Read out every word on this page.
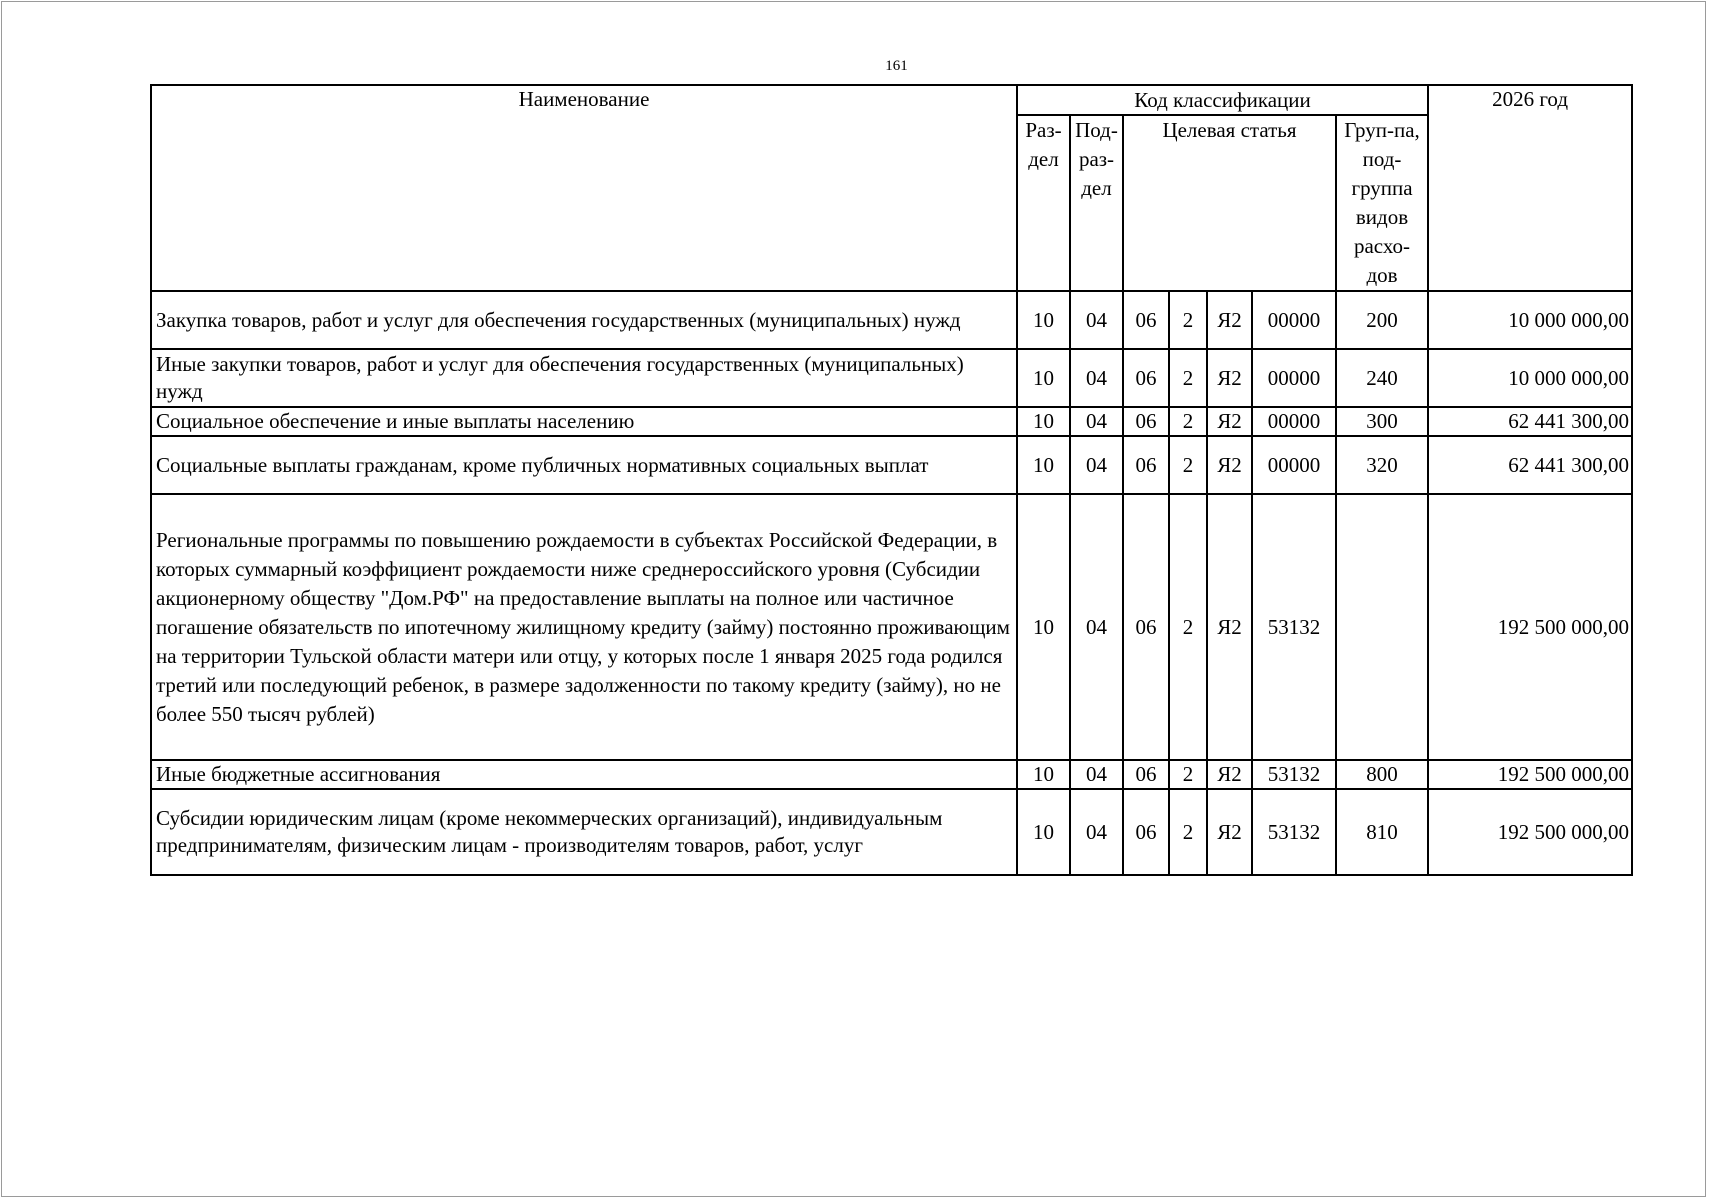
161
Наименование	Код классификации							2026 год
	Раз-дел	Под-раз-дел	Целевая статья				Груп-па, под-группа видов расхо-дов	
Закупка товаров, работ и услуг для обеспечения государственных (муниципальных) нужд	10	04	06	2	Я2	00000	200	10 000 000,00
Иные закупки товаров, работ и услуг для обеспечения государственных (муниципальных) нужд	10	04	06	2	Я2	00000	240	10 000 000,00
Социальное обеспечение и иные выплаты населению	10	04	06	2	Я2	00000	300	62 441 300,00
Социальные выплаты гражданам, кроме публичных нормативных социальных выплат	10	04	06	2	Я2	00000	320	62 441 300,00
Региональные программы по повышению рождаемости в субъектах Российской Федерации, в которых суммарный коэффициент рождаемости ниже среднероссийского уровня (Субсидии акционерному обществу "Дом.РФ" на предоставление выплаты на полное или частичное погашение обязательств по ипотечному жилищному кредиту (займу) постоянно проживающим на территории Тульской области матери или отцу, у которых после 1 января 2025 года родился третий или последующий ребенок, в размере задолженности по такому кредиту (займу), но не более 550 тысяч рублей)	10	04	06	2	Я2	53132		192 500 000,00
Иные бюджетные ассигнования	10	04	06	2	Я2	53132	800	192 500 000,00
Субсидии юридическим лицам (кроме некоммерческих организаций), индивидуальным предпринимателям, физическим лицам - производителям товаров, работ, услуг	10	04	06	2	Я2	53132	810	192 500 000,00
